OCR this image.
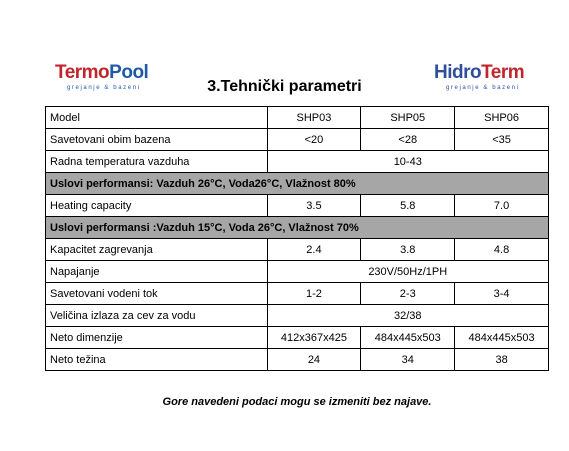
TermoPool
grejanje & bazeni
HidroTerm
grejanje & bazeni
3.Tehnički parametri
Model	SHP03	SHP05	SHP06
Savetovani obim bazena	<20	<28	<35
Radna temperatura vazduha	10-43		
Uslovi performansi: Vazduh 26°C, Voda26°C, Vlažnost 80%			
Heating capacity	3.5	5.8	7.0
Uslovi performansi :Vazduh 15°C, Voda 26°C, Vlažnost 70%			
Kapacitet zagrevanja	2.4	3.8	4.8
Napajanje	230V/50Hz/1PH		
Savetovani vodeni tok	1-2	2-3	3-4
Veličina izlaza za cev za vodu	32/38		
Neto dimenzije	412x367x425	484x445x503	484x445x503
Neto težina	24	34	38
Gore navedeni podaci mogu se izmeniti bez najave.
